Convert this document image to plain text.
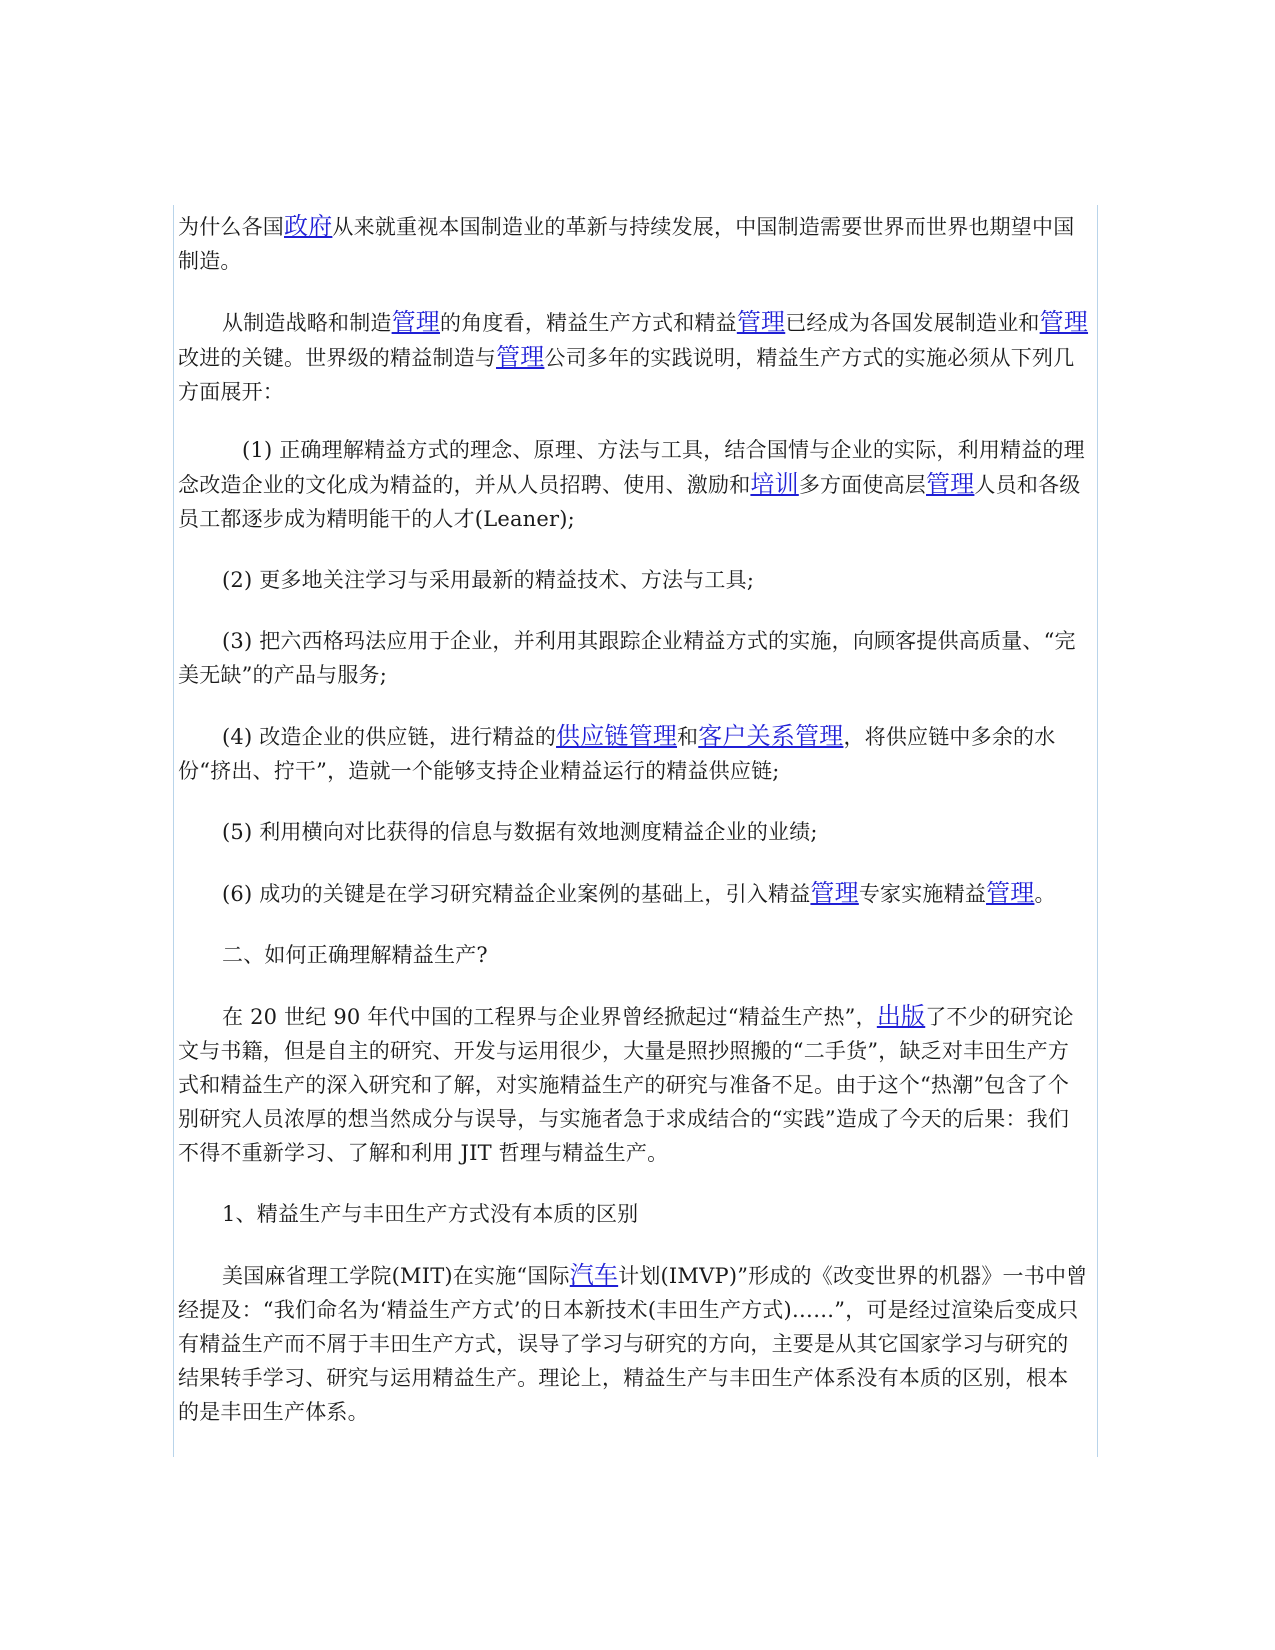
为什么各国政府从来就重视本国制造业的革新与持续发展，中国制造需要世界而世界也期望中国制造。

从制造战略和制造管理的角度看，精益生产方式和精益管理已经成为各国发展制造业和管理改进的关键。世界级的精益制造与管理公司多年的实践说明，精益生产方式的实施必须从下列几方面展开：

(1) 正确理解精益方式的理念、原理、方法与工具，结合国情与企业的实际，利用精益的理念改造企业的文化成为精益的，并从人员招聘、使用、激励和培训多方面使高层管理人员和各级员工都逐步成为精明能干的人才(Leaner);

(2) 更多地关注学习与采用最新的精益技术、方法与工具;

(3) 把六西格玛法应用于企业，并利用其跟踪企业精益方式的实施，向顾客提供高质量、“完美无缺”的产品与服务;

(4) 改造企业的供应链，进行精益的供应链管理和客户关系管理，将供应链中多余的水份“挤出、拧干”，造就一个能够支持企业精益运行的精益供应链;

(5) 利用横向对比获得的信息与数据有效地测度精益企业的业绩;

(6) 成功的关键是在学习研究精益企业案例的基础上，引入精益管理专家实施精益管理。

二、如何正确理解精益生产?

在 20 世纪 90 年代中国的工程界与企业界曾经掀起过“精益生产热”，出版了不少的研究论文与书籍，但是自主的研究、开发与运用很少，大量是照抄照搬的“二手货”，缺乏对丰田生产方式和精益生产的深入研究和了解，对实施精益生产的研究与准备不足。由于这个“热潮”包含了个别研究人员浓厚的想当然成分与误导，与实施者急于求成结合的“实践”造成了今天的后果：我们不得不重新学习、了解和利用 JIT 哲理与精益生产。

1、精益生产与丰田生产方式没有本质的区别

美国麻省理工学院(MIT)在实施“国际汽车计划(IMVP)”形成的《改变世界的机器》一书中曾经提及：“我们命名为‘精益生产方式’的日本新技术(丰田生产方式)……”，可是经过渲染后变成只有精益生产而不屑于丰田生产方式，误导了学习与研究的方向，主要是从其它国家学习与研究的结果转手学习、研究与运用精益生产。理论上，精益生产与丰田生产体系没有本质的区别，根本的是丰田生产体系。
